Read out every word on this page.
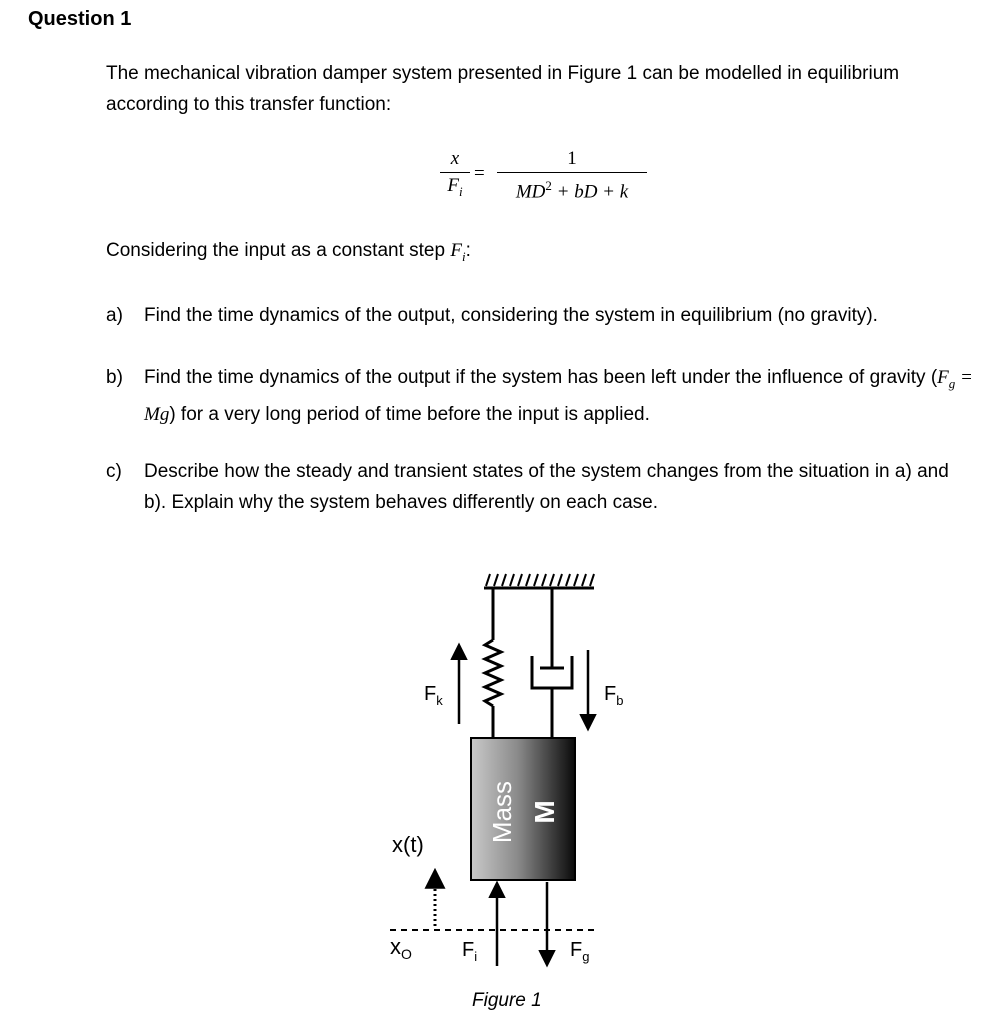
Question 1
The mechanical vibration damper system presented in Figure 1 can be modelled in equilibrium according to this transfer function:
x
$F_i$
=
1
$MD^2$ + bD + k
Considering the input as a constant step $F_i$:
a) Find the time dynamics of the output, considering the system in equilibrium (no gravity).
b) Find the time dynamics of the output if the system has been left under the influence of gravity $(F_g = Mg)$ for a very long period of time before the input is applied.
c) Describe how the steady and transient states of the system changes from the situation in a) and b). Explain why the system behaves differently on each case.
Mass M
$F_k$	$F_b$
x(t)
$x_O$	$F_i$	$F_g$
Figure 1
